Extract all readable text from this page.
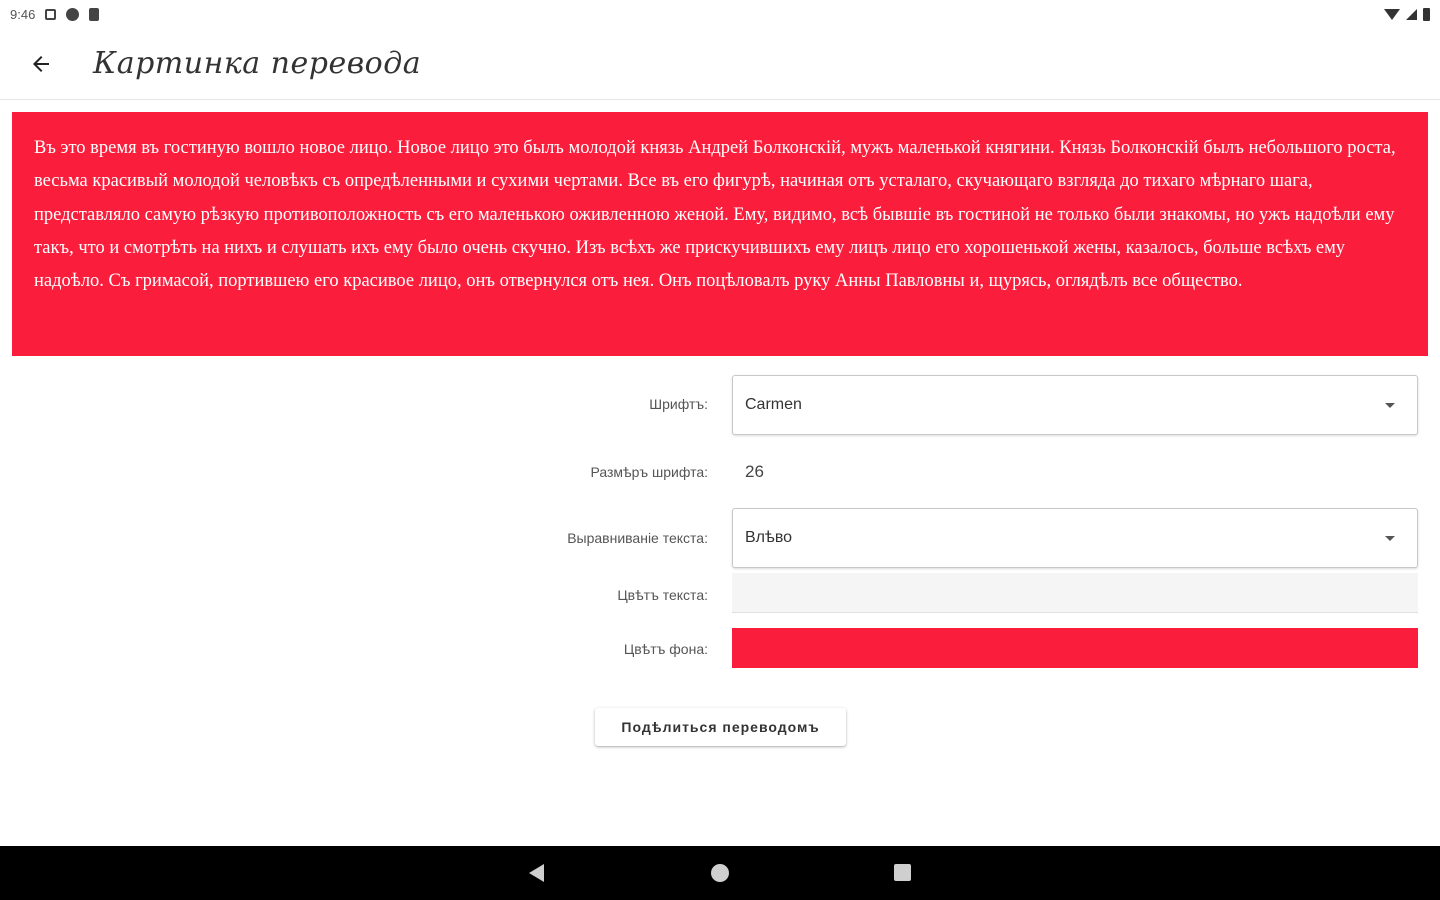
9:46
Картинка перевода
Въ это время въ гостиную вошло новое лицо. Новое лицо это былъ молодой князь Андрей Болконскій, мужъ маленькой княгини. Князь Болконскій былъ небольшого роста, весьма красивый молодой человѣкъ съ опредѣленными и сухими чертами. Все въ его фигурѣ, начиная отъ усталаго, скучающаго взгляда до тихаго мѣрнаго шага, представляло самую рѣзкую противоположность съ его маленькою оживленною женой. Ему, видимо, всѣ бывшіе въ гостиной не только были знакомы, но ужъ надоѣли ему такъ, что и смотрѣть на нихъ и слушать ихъ ему было очень скучно. Изъ всѣхъ же прискучившихъ ему лицъ лицо его хорошенькой жены, казалось, больше всѣхъ ему надоѣло. Съ гримасой, портившею его красивое лицо, онъ отвернулся отъ нея. Онъ поцѣловалъ руку Анны Павловны и, щурясь, оглядѣлъ все общество.
Шрифтъ: Carmen
Размѣръ шрифта: 26
Выравниваніе текста: Влѣво
Цвѣтъ текста:
Цвѣтъ фона:
Подѣлиться переводомъ
